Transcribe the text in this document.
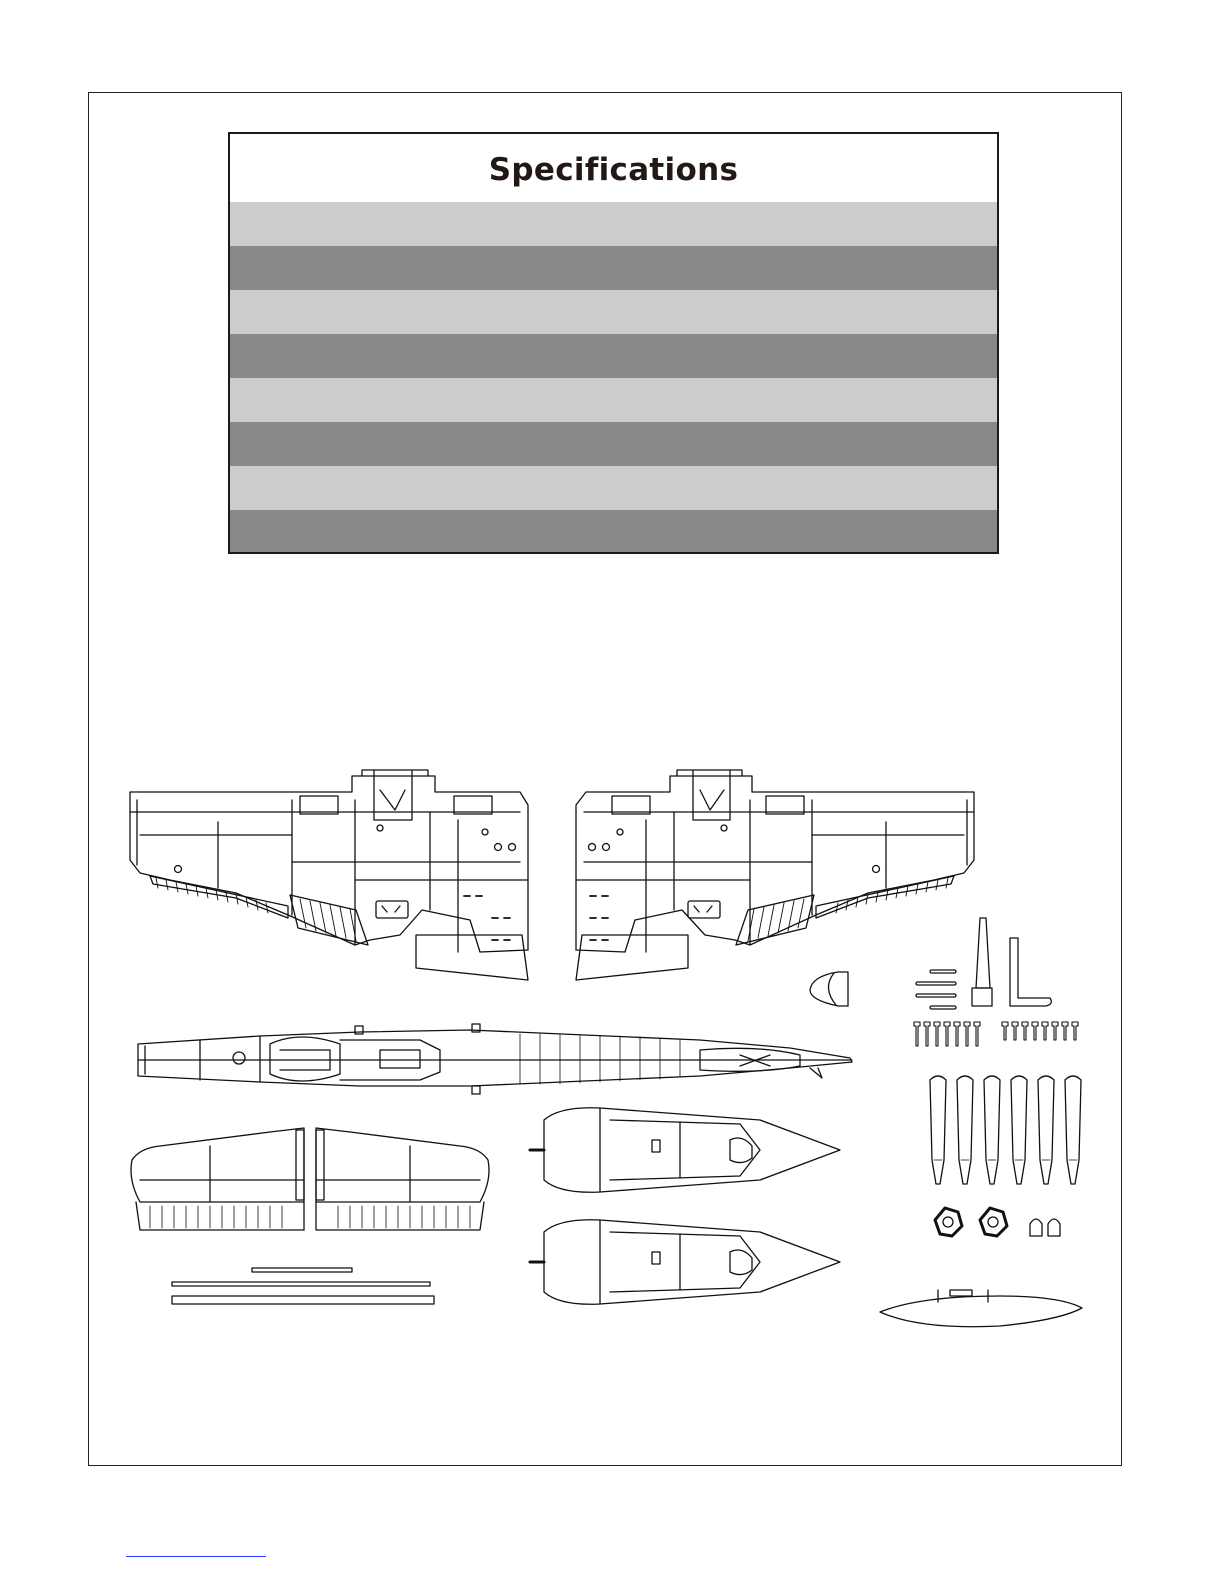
Specifications
